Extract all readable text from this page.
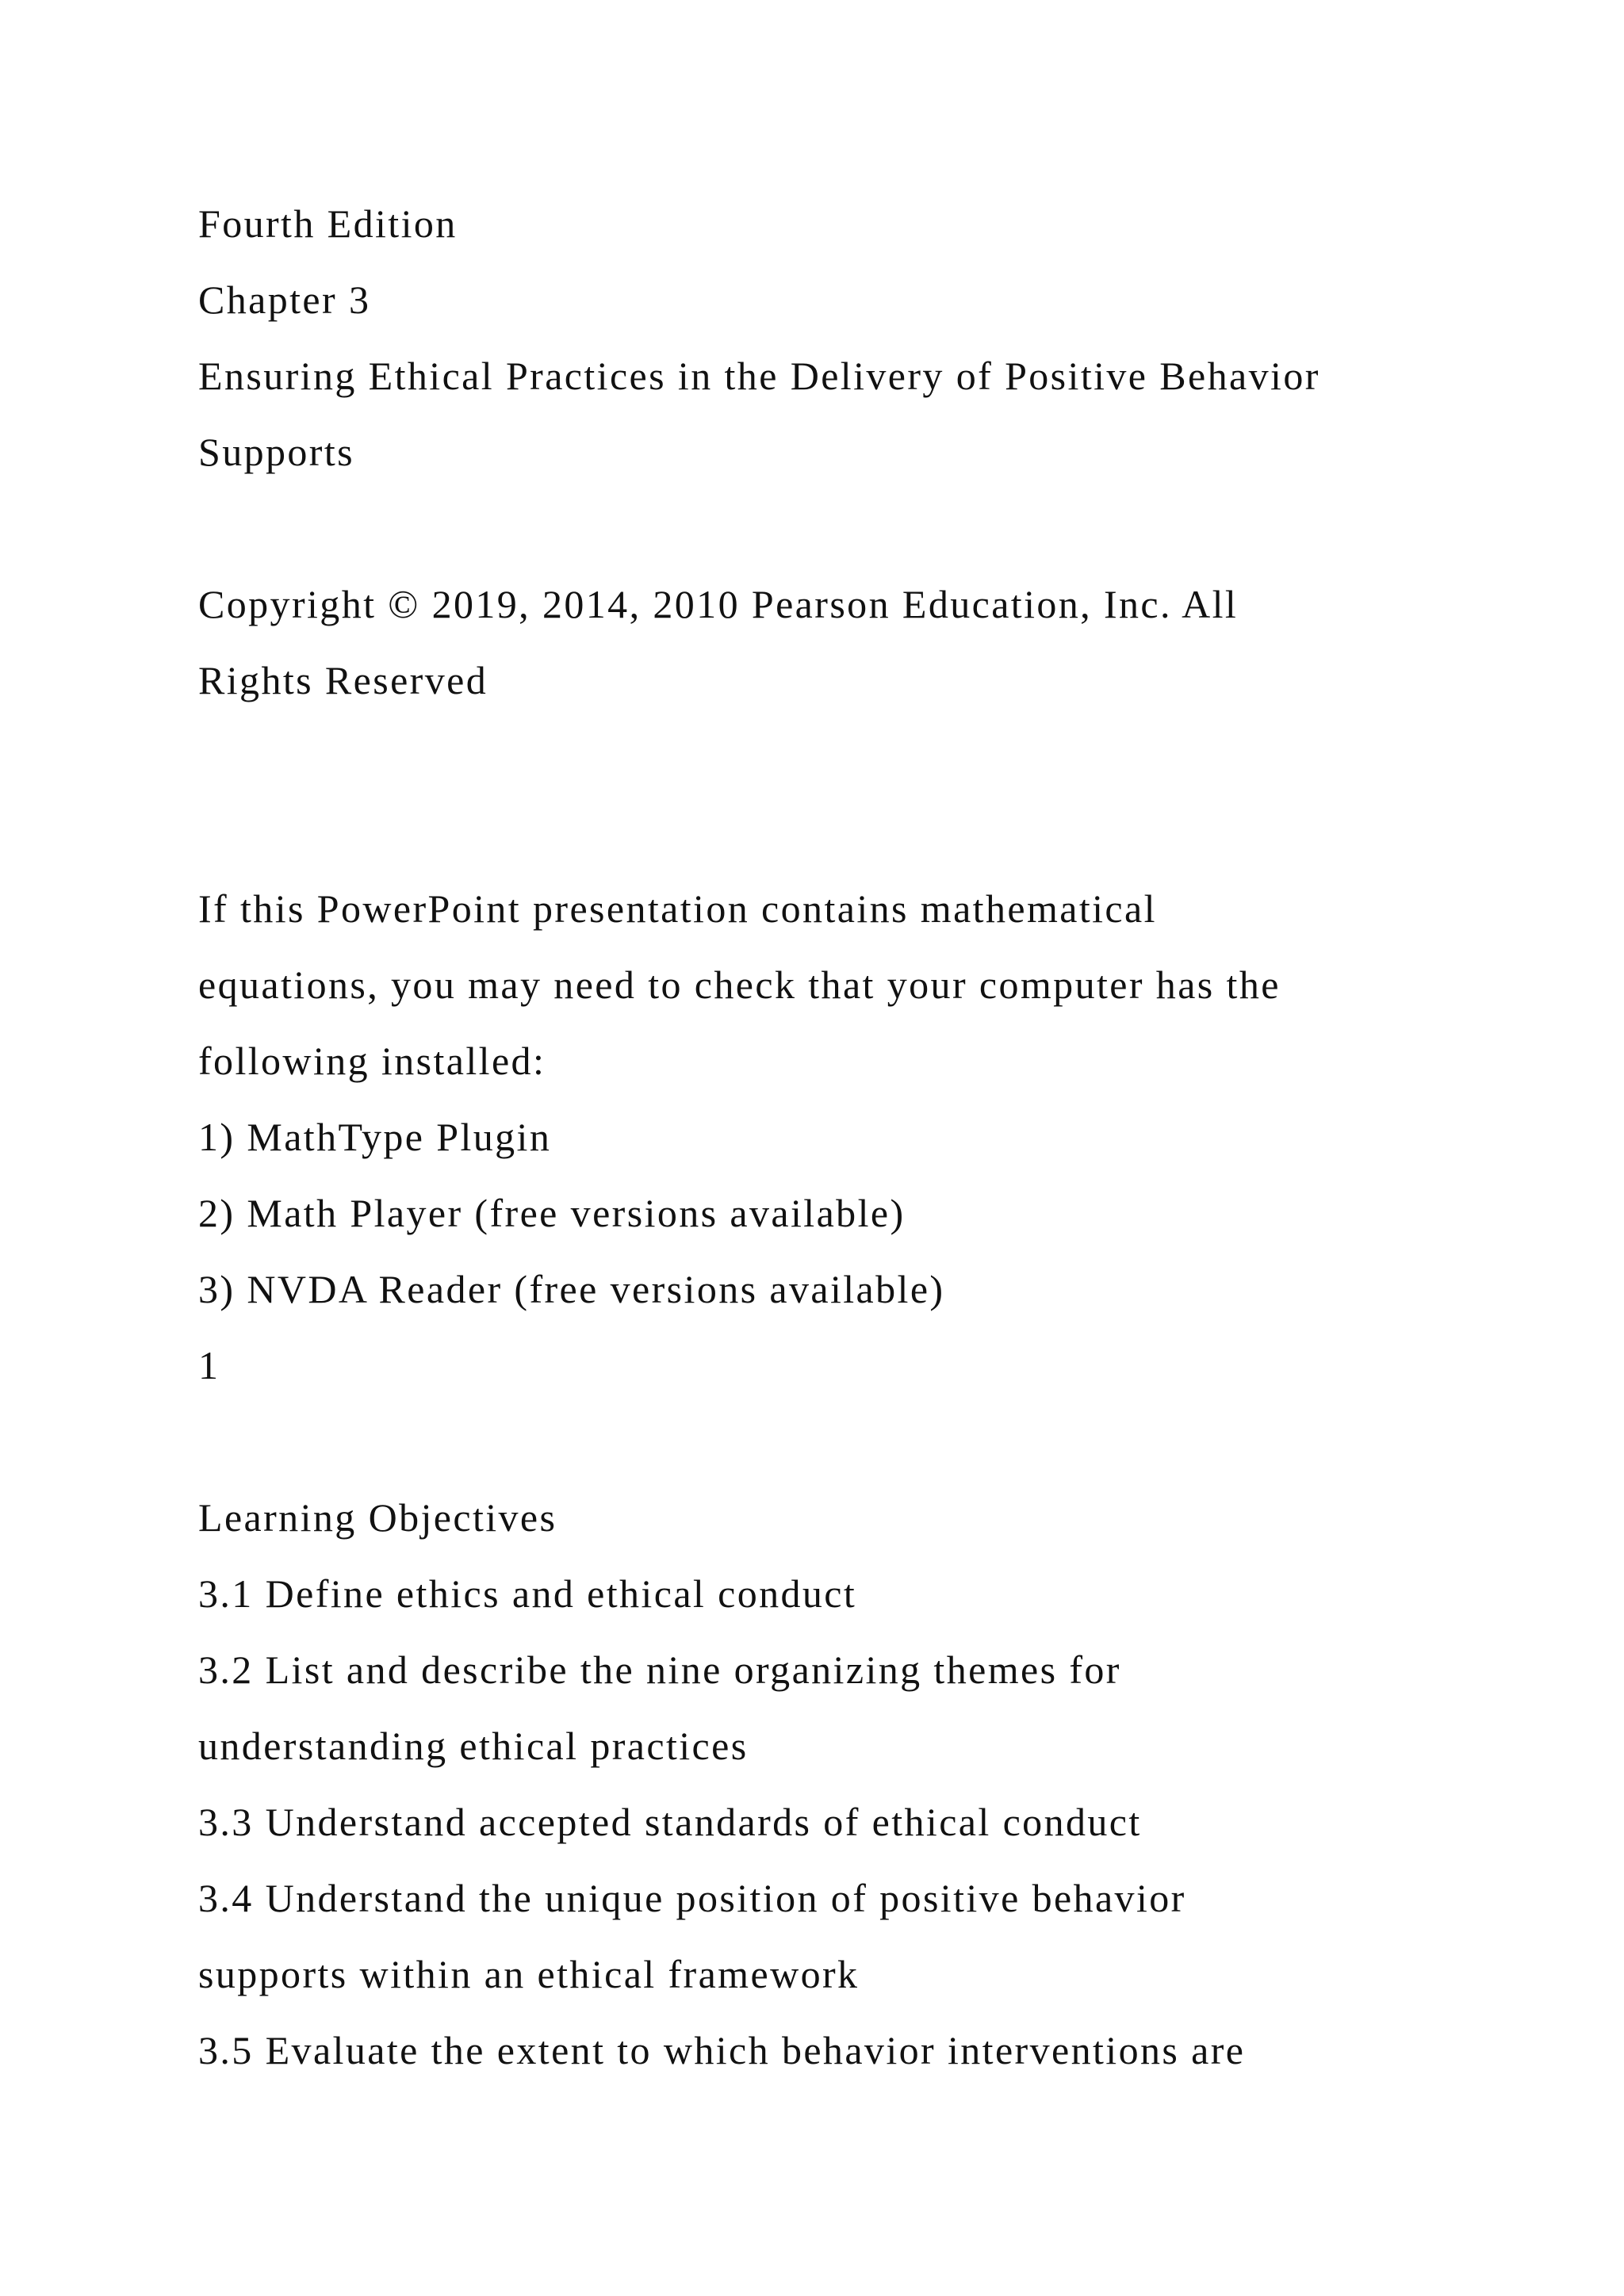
Fourth Edition
Chapter 3
Ensuring Ethical Practices in the Delivery of Positive Behavior
Supports
Copyright © 2019, 2014, 2010 Pearson Education, Inc. All
Rights Reserved
If this PowerPoint presentation contains mathematical
equations, you may need to check that your computer has the
following installed:
1) MathType Plugin
2) Math Player (free versions available)
3) NVDA Reader (free versions available)
1
Learning Objectives
3.1 Define ethics and ethical conduct
3.2 List and describe the nine organizing themes for
understanding ethical practices
3.3 Understand accepted standards of ethical conduct
3.4 Understand the unique position of positive behavior
supports within an ethical framework
3.5 Evaluate the extent to which behavior interventions are
